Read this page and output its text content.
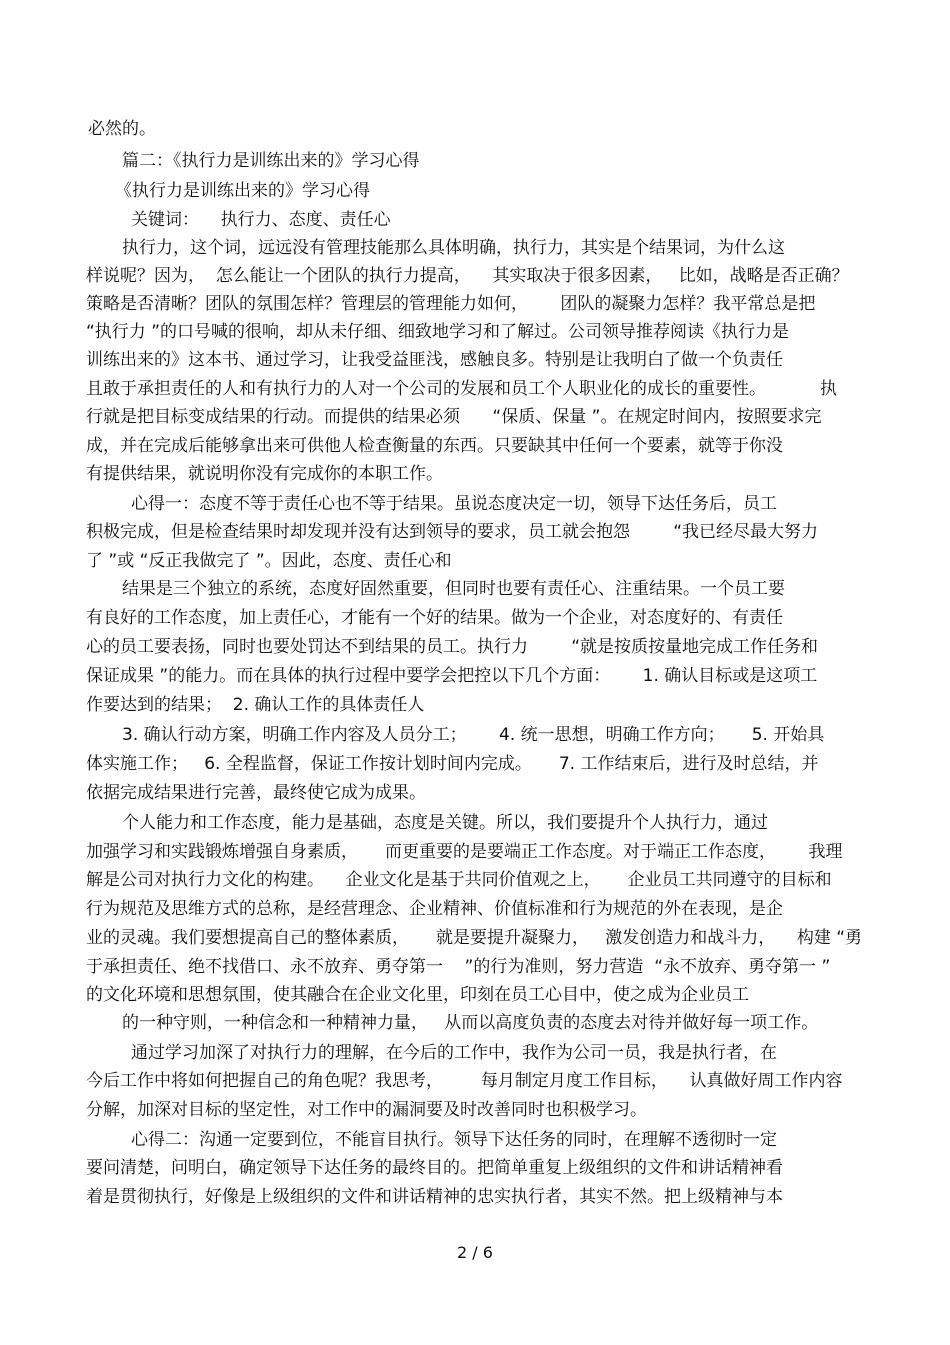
必然的。
篇二：《执行力是训练出来的》学习心得
《执行力是训练出来的》学习心得
关键词：    执行力、态度、责任心
执行力，这个词，远远没有管理技能那么具体明确，执行力，其实是个结果词，为什么这
样说呢？因为，  怎么能让一个团队的执行力提高，    其实取决于很多因素，   比如，战略是否正确？
策略是否清晰？团队的氛围怎样？管理层的管理能力如何，      团队的凝聚力怎样？我平常总是把
“执行力 ”的口号喊的很响，却从未仔细、细致地学习和了解过。公司领导推荐阅读《执行力是
训练出来的》这本书、通过学习，让我受益匪浅，感触良多。特别是让我明白了做一个负责任
且敢于承担责任的人和有执行力的人对一个公司的发展和员工个人职业化的成长的重要性。          执
行就是把目标变成结果的行动。而提供的结果必须      “保质、保量 ”。在规定时间内，按照要求完
成，并在完成后能够拿出来可供他人检查衡量的东西。只要缺其中任何一个要素，就等于你没
有提供结果，就说明你没有完成你的本职工作。
心得一：态度不等于责任心也不等于结果。虽说态度决定一切，领导下达任务后，员工
积极完成，但是检查结果时却发现并没有达到领导的要求，员工就会抱怨        “我已经尽最大努力
了 ”或 “反正我做完了 ”。因此，态度、责任心和
结果是三个独立的系统，态度好固然重要，但同时也要有责任心、注重结果。一个员工要
有良好的工作态度，加上责任心，才能有一个好的结果。做为一个企业，对态度好的、有责任
心的员工要表扬，同时也要处罚达不到结果的员工。执行力        “就是按质按量地完成工作任务和
保证成果 ”的能力。而在具体的执行过程中要学会把控以下几个方面：      1. 确认目标或是这项工
作要达到的结果；  2. 确认工作的具体责任人
3. 确认行动方案，明确工作内容及人员分工；      4. 统一思想，明确工作方向；     5. 开始具
体实施工作；   6. 全程监督，保证工作按计划时间内完成。     7. 工作结束后，进行及时总结，并
依据完成结果进行完善，最终使它成为成果。
个人能力和工作态度，能力是基础，态度是关键。所以，我们要提升个人执行力，通过
加强学习和实践锻炼增强自身素质，     而更重要的是要端正工作态度。对于端正工作态度，      我理
解是公司对执行力文化的构建。    企业文化是基于共同价值观之上，     企业员工共同遵守的目标和
行为规范及思维方式的总称，是经营理念、企业精神、价值标准和行为规范的外在表现，是企
业的灵魂。我们要想提高自己的整体素质，     就是要提升凝聚力，   激发创造力和战斗力，    构建 “勇
于承担责任、绝不找借口、永不放弃、勇夺第一    ”的行为准则，努力营造  “永不放弃、勇夺第一 ”
的文化环境和思想氛围，使其融合在企业文化里，印刻在员工心目中，使之成为企业员工
的一种守则，一种信念和一种精神力量，   从而以高度负责的态度去对待并做好每一项工作。
通过学习加深了对执行力的理解，在今后的工作中，我作为公司一员，我是执行者，在
今后工作中将如何把握自己的角色呢？我思考，       每月制定月度工作目标，    认真做好周工作内容
分解，加深对目标的坚定性，对工作中的漏洞要及时改善同时也积极学习。
心得二：沟通一定要到位，不能盲目执行。领导下达任务的同时，在理解不透彻时一定
要问清楚，问明白，确定领导下达任务的最终目的。把简单重复上级组织的文件和讲话精神看
着是贯彻执行，好像是上级组织的文件和讲话精神的忠实执行者，其实不然。把上级精神与本
2 / 6
